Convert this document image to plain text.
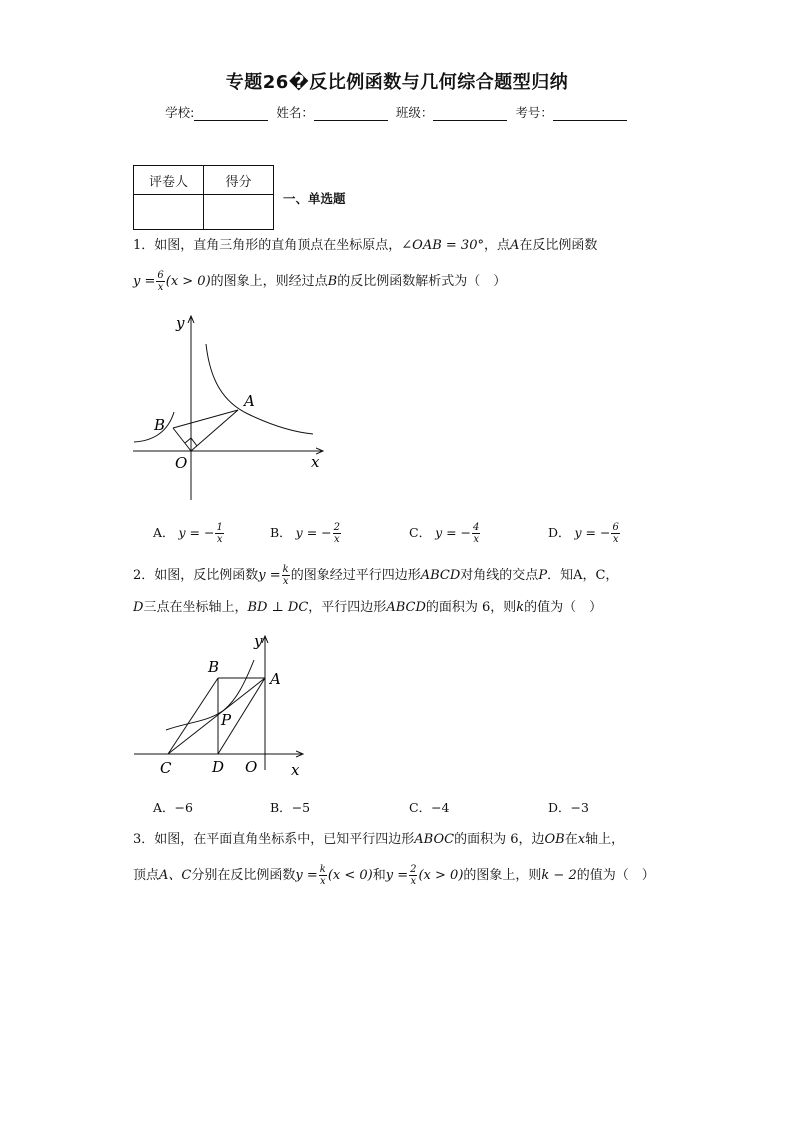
专题26�反比例函数与几何综合题型归纳
学校:	姓名：	班级：	考号：
评卷人	得分

一、单选题
1．如图，直角三角形的直角顶点在坐标原点，∠OAB = 30°，点A在反比例函数
$y = \frac{6}{x} (x > 0)$的图象上，则经过点B的反比例函数解析式为（　）
y
x
O
A
B
A． y = − $\frac{1}{x}$	B． y = − $\frac{2}{x}$	C． y = − $\frac{4}{x}$	D． y = − $\frac{6}{x}$
2．如图，反比例函数$y = \frac{k}{x}$ 的图象经过平行四边形ABCD对角线的交点P．知A，C，
D三点在坐标轴上，BD ⊥ DC，平行四边形ABCD的面积为 6，则k的值为（　）
y
x
O
A
B
C	D
P
A．−6	B．−5	C．−4	D．−3
3．如图，在平面直角坐标系中，已知平行四边形ABOC的面积为 6，边OB在x轴上，
顶点A、C分别在反比例函数$y = \frac{k}{x} (x < 0)$和$y = \frac{2}{x} (x > 0)$的图象上，则k − 2的值为（　）
